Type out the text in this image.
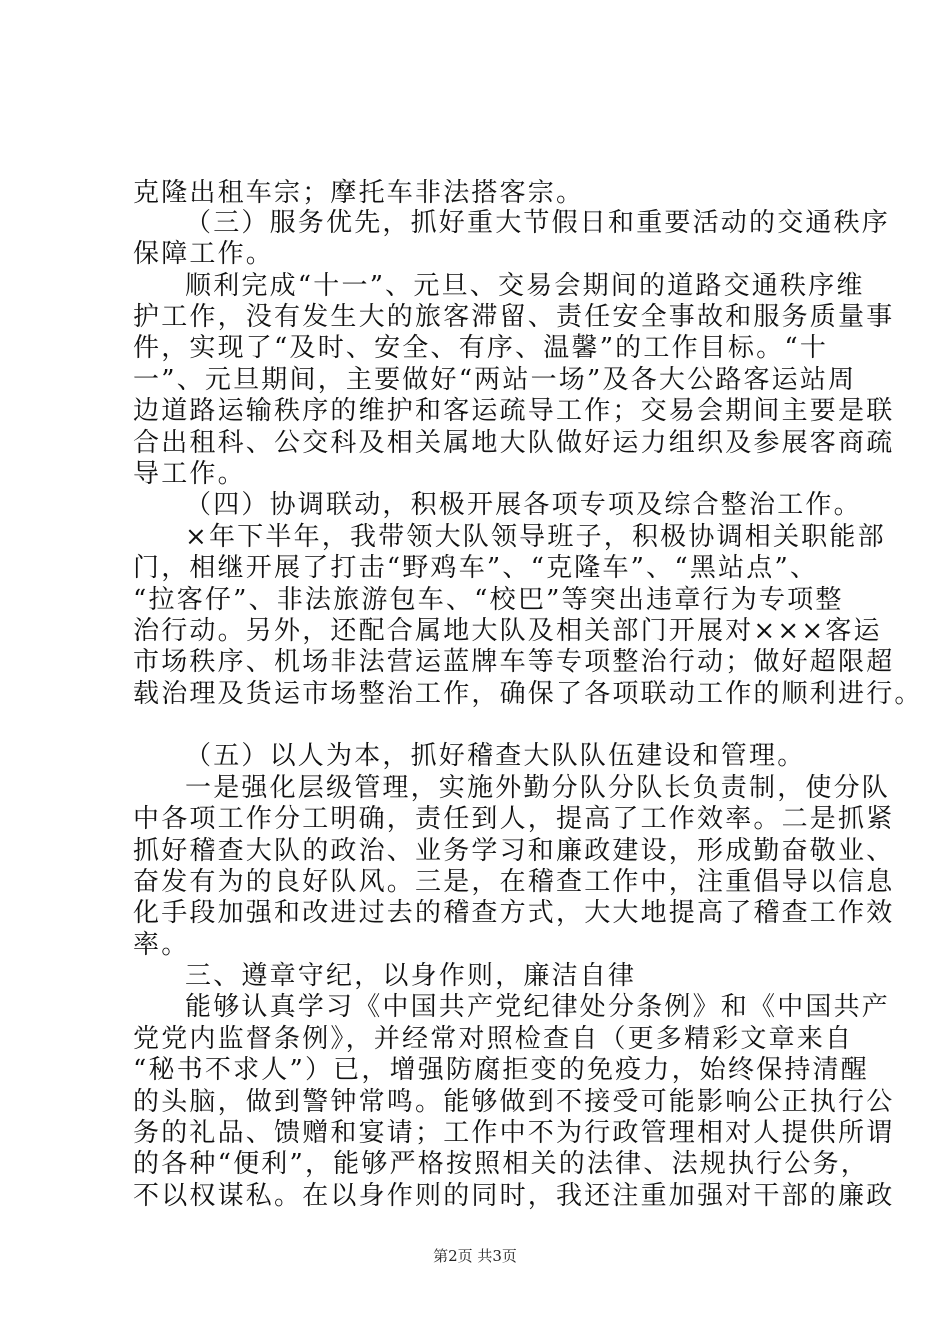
克隆出租车宗；摩托车非法搭客宗。
（三）服务优先，抓好重大节假日和重要活动的交通秩序
保障工作。
顺利完成“十一”、元旦、交易会期间的道路交通秩序维
护工作，没有发生大的旅客滞留、责任安全事故和服务质量事
件，实现了“及时、安全、有序、温馨”的工作目标。“十
一”、元旦期间，主要做好“两站一场”及各大公路客运站周
边道路运输秩序的维护和客运疏导工作；交易会期间主要是联
合出租科、公交科及相关属地大队做好运力组织及参展客商疏
导工作。
（四）协调联动，积极开展各项专项及综合整治工作。
×年下半年，我带领大队领导班子，积极协调相关职能部
门，相继开展了打击“野鸡车”、“克隆车”、“黑站点”、
“拉客仔”、非法旅游包车、“校巴”等突出违章行为专项整
治行动。另外，还配合属地大队及相关部门开展对×××客运
市场秩序、机场非法营运蓝牌车等专项整治行动；做好超限超
载治理及货运市场整治工作，确保了各项联动工作的顺利进行。
（五）以人为本，抓好稽查大队队伍建设和管理。
一是强化层级管理，实施外勤分队分队长负责制，使分队
中各项工作分工明确，责任到人，提高了工作效率。二是抓紧
抓好稽查大队的政治、业务学习和廉政建设，形成勤奋敬业、
奋发有为的良好队风。三是，在稽查工作中，注重倡导以信息
化手段加强和改进过去的稽查方式，大大地提高了稽查工作效
率。
三、遵章守纪，以身作则，廉洁自律
能够认真学习《中国共产党纪律处分条例》和《中国共产
党党内监督条例》，并经常对照检查自（更多精彩文章来自
“秘书不求人”）已，增强防腐拒变的免疫力，始终保持清醒
的头脑，做到警钟常鸣。能够做到不接受可能影响公正执行公
务的礼品、馈赠和宴请；工作中不为行政管理相对人提供所谓
的各种“便利”，能够严格按照相关的法律、法规执行公务，
不以权谋私。在以身作则的同时，我还注重加强对干部的廉政
第2页 共3页
